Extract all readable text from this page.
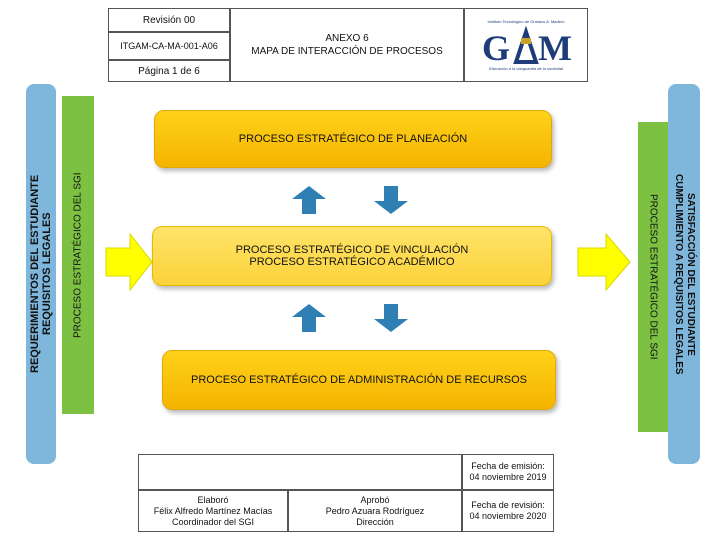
Revisión 00
ITGAM-CA-MA-001-A06
Página 1 de 6
ANEXO 6
MAPA DE INTERACCIÓN DE PROCESOS
Instituto Tecnológico de Gustavo A. Madero
G M
Educación a la vanguardia de la sociedad
REQUERIMIENTOS DEL ESTUDIANTE
REQUISITOS LEGALES	PROCESO ESTRATÉGICO DEL SGI	PROCESO ESTRATÉGICO DEL SGI	SATISFACCIÓN DEL ESTUDIANTE
CUMPLIMIENTO A REQUISITOS LEGALES
PROCESO ESTRATÉGICO DE PLANEACIÓN
PROCESO ESTRATÉGICO DE VINCULACIÓN
PROCESO ESTRATÉGICO ACADÉMICO
PROCESO ESTRATÉGICO DE ADMINISTRACIÓN DE RECURSOS
Fecha de emisión:
04 noviembre 2019
Elaboró
Félix Alfredo Martínez Macías
Coordinador del SGI
Aprobó
Pedro Azuara Rodríguez
Dirección
Fecha de revisión:
04 noviembre 2020
